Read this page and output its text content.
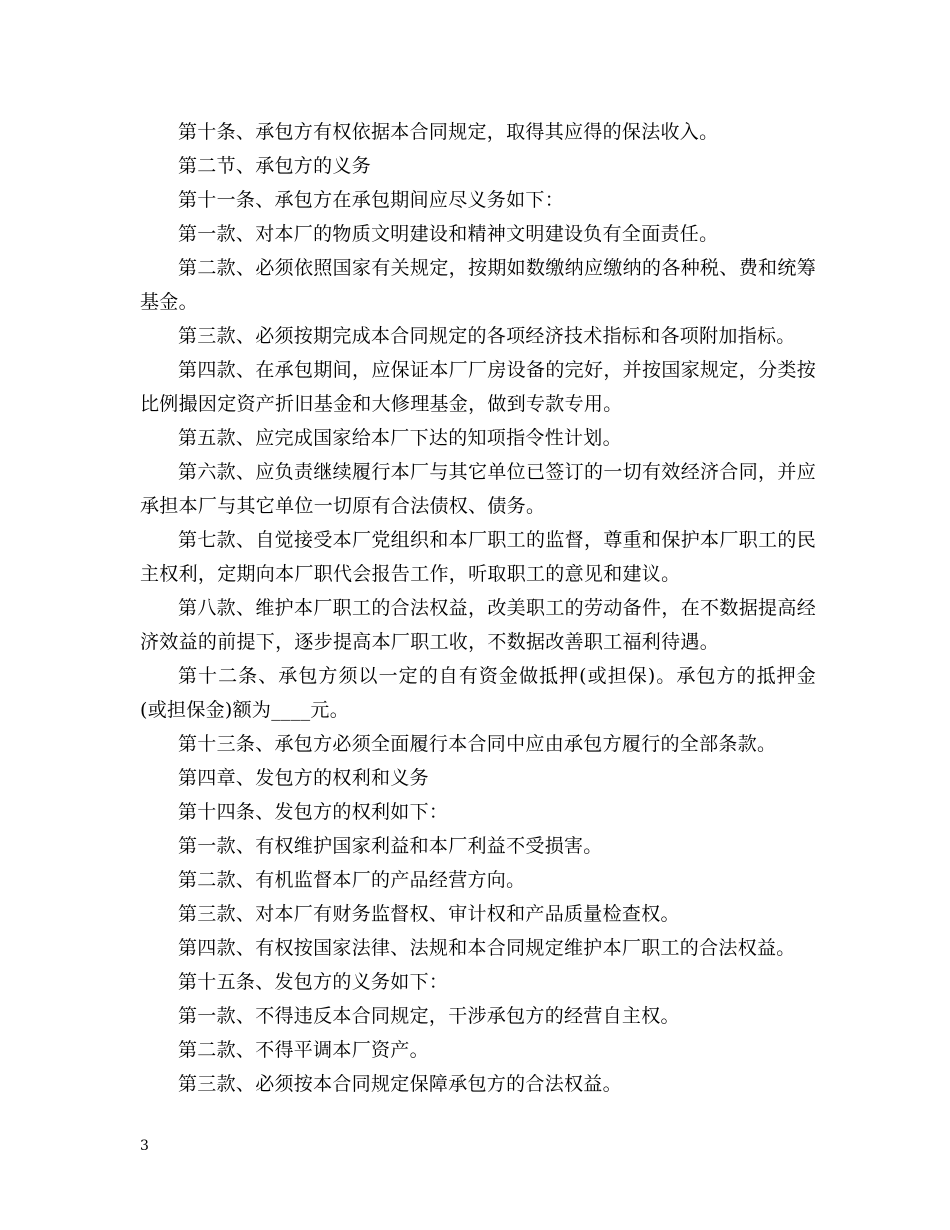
第十条、承包方有权依据本合同规定，取得其应得的保法收入。

第二节、承包方的义务

第十一条、承包方在承包期间应尽义务如下：

第一款、对本厂的物质文明建设和精神文明建设负有全面责任。

第二款、必须依照国家有关规定，按期如数缴纳应缴纳的各种税、费和统筹基金。

第三款、必须按期完成本合同规定的各项经济技术指标和各项附加指标。

第四款、在承包期间，应保证本厂厂房设备的完好，并按国家规定，分类按比例撮因定资产折旧基金和大修理基金，做到专款专用。

第五款、应完成国家给本厂下达的知项指令性计划。

第六款、应负责继续履行本厂与其它单位已签订的一切有效经济合同，并应承担本厂与其它单位一切原有合法债权、债务。

第七款、自觉接受本厂党组织和本厂职工的监督，尊重和保护本厂职工的民主权利，定期向本厂职代会报告工作，听取职工的意见和建议。

第八款、维护本厂职工的合法权益，改美职工的劳动备件，在不数据提高经济效益的前提下，逐步提高本厂职工收，不数据改善职工福利待遇。

第十二条、承包方须以一定的自有资金做抵押(或担保)。承包方的抵押金(或担保金)额为____元。

第十三条、承包方必须全面履行本合同中应由承包方履行的全部条款。

第四章、发包方的权利和义务

第十四条、发包方的权利如下：

第一款、有权维护国家利益和本厂利益不受损害。

第二款、有机监督本厂的产品经营方向。

第三款、对本厂有财务监督权、审计权和产品质量检查权。

第四款、有权按国家法律、法规和本合同规定维护本厂职工的合法权益。

第十五条、发包方的义务如下：

第一款、不得违反本合同规定，干涉承包方的经营自主权。

第二款、不得平调本厂资产。

第三款、必须按本合同规定保障承包方的合法权益。

3
